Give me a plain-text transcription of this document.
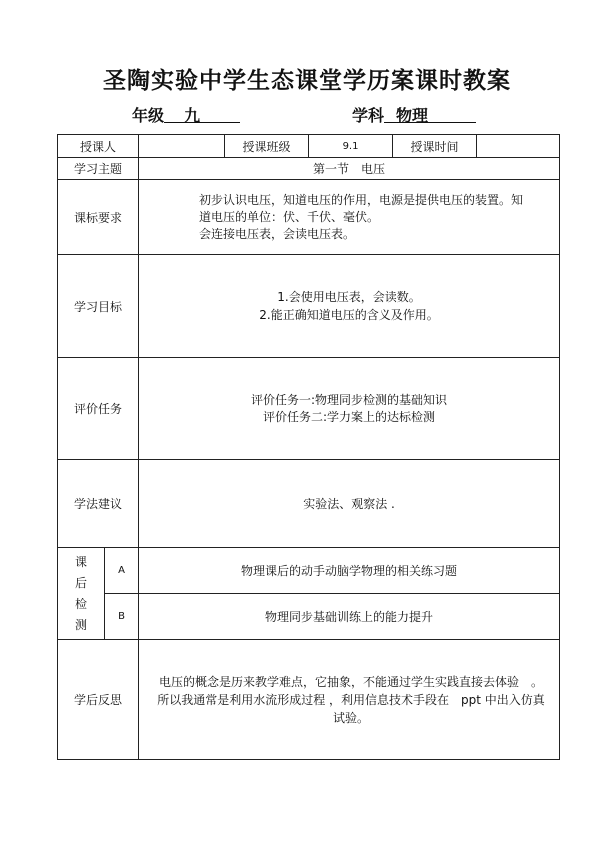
圣陶实验中学生态课堂学历案课时教案
年级 九	学科 物理
授课人			授课班级	9.1	授课时间	
学习主题		第一节　电压				
课标要求		初步认识电压，知道电压的作用，电源是提供电压的装置。知
道电压的单位：伏、千伏、毫伏。
会连接电压表，会读电压表。				

学习目标		1.会使用电压表，会读数。
2.能正确知道电压的含义及作用。				

评价任务		评价任务一:物理同步检测的基础知识
评价任务二:学力案上的达标检测				

学法建议		实验法、观察法 .				

课
后
检
测	A	物理课后的动手动脑学物理的相关练习题				
	B	物理同步基础训练上的能力提升				
学后反思		电压的概念是历来教学难点，它抽象，不能通过学生实践直接去体验　。
所以我通常是利用水流形成过程 ，利用信息技术手段在　ppt 中出入仿真
试验。				
